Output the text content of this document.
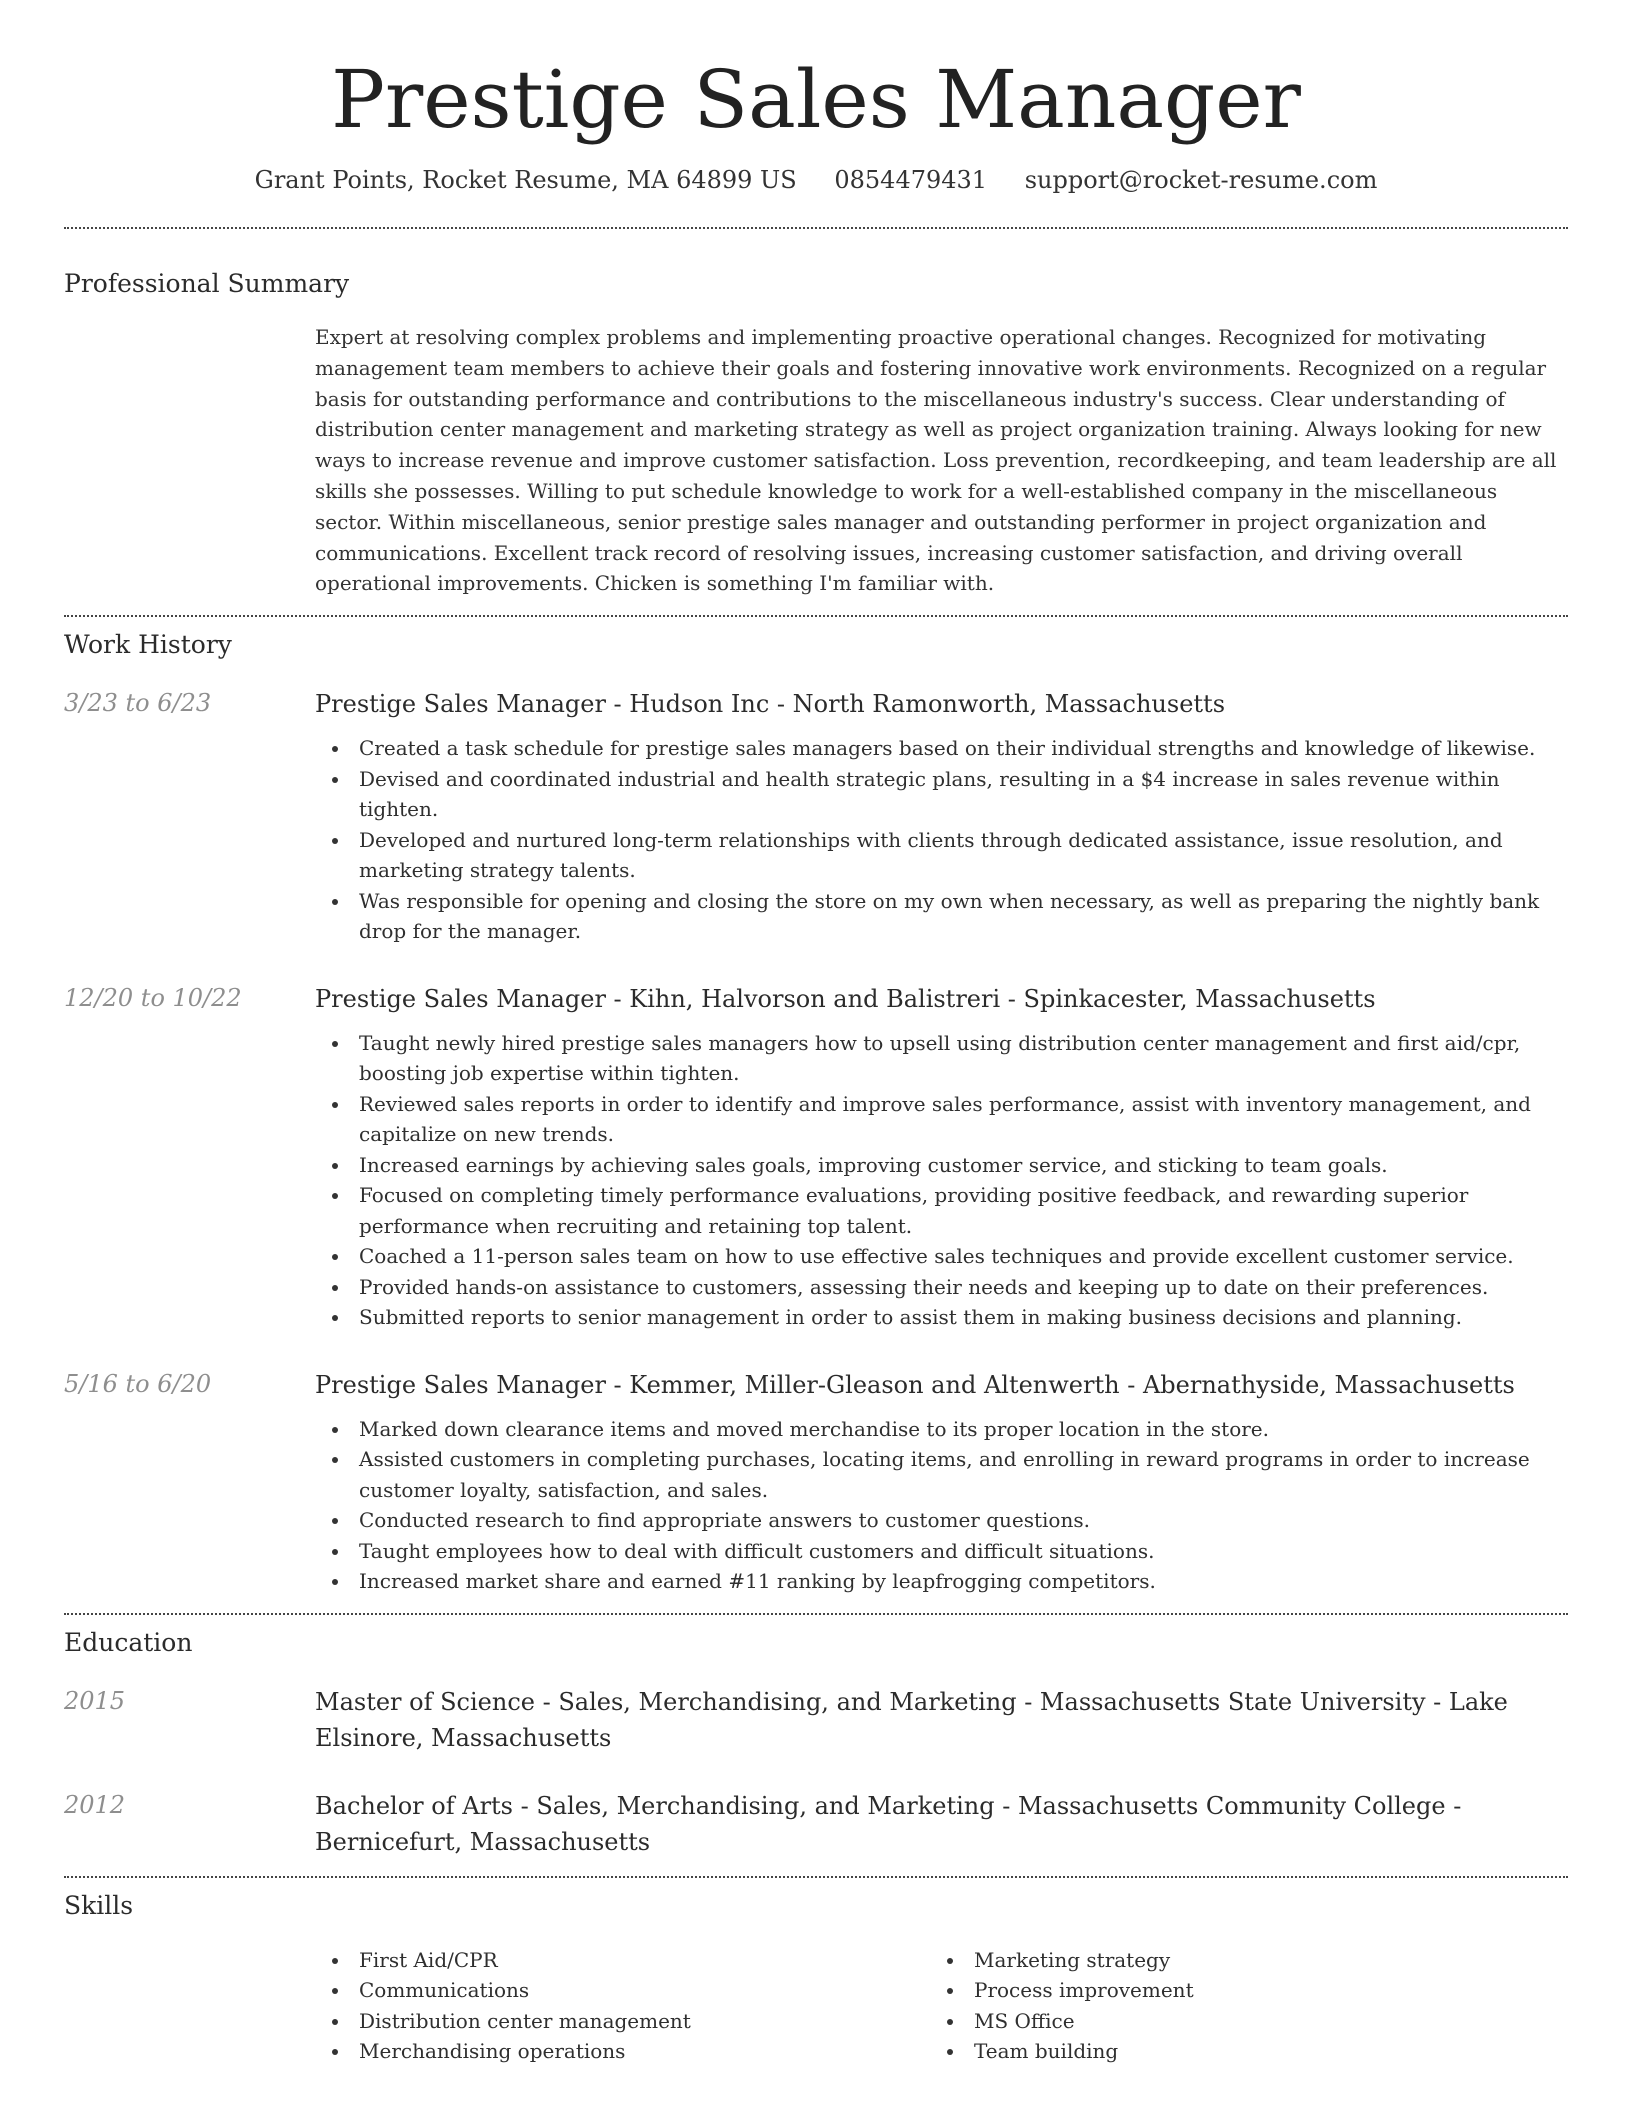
Prestige Sales Manager
Grant Points, Rocket Resume, MA 64899 US 0854479431 support@rocket-resume.com
Professional Summary
Expert at resolving complex problems and implementing proactive operational changes. Recognized for motivating
management team members to achieve their goals and fostering innovative work environments. Recognized on a regular
basis for outstanding performance and contributions to the miscellaneous industry's success. Clear understanding of
distribution center management and marketing strategy as well as project organization training. Always looking for new
ways to increase revenue and improve customer satisfaction. Loss prevention, recordkeeping, and team leadership are all
skills she possesses. Willing to put schedule knowledge to work for a well-established company in the miscellaneous
sector. Within miscellaneous, senior prestige sales manager and outstanding performer in project organization and
communications. Excellent track record of resolving issues, increasing customer satisfaction, and driving overall
operational improvements. Chicken is something I'm familiar with.
Work History
3/23 to 6/23	Prestige Sales Manager - Hudson Inc - North Ramonworth, Massachusetts
Created a task schedule for prestige sales managers based on their individual strengths and knowledge of likewise.
Devised and coordinated industrial and health strategic plans, resulting in a $4 increase in sales revenue within
tighten.
Developed and nurtured long-term relationships with clients through dedicated assistance, issue resolution, and
marketing strategy talents.
Was responsible for opening and closing the store on my own when necessary, as well as preparing the nightly bank
drop for the manager.
12/20 to 10/22	Prestige Sales Manager - Kihn, Halvorson and Balistreri - Spinkacester, Massachusetts
Taught newly hired prestige sales managers how to upsell using distribution center management and first aid/cpr,
boosting job expertise within tighten.
Reviewed sales reports in order to identify and improve sales performance, assist with inventory management, and
capitalize on new trends.
Increased earnings by achieving sales goals, improving customer service, and sticking to team goals.
Focused on completing timely performance evaluations, providing positive feedback, and rewarding superior
performance when recruiting and retaining top talent.
Coached a 11-person sales team on how to use effective sales techniques and provide excellent customer service.
Provided hands-on assistance to customers, assessing their needs and keeping up to date on their preferences.
Submitted reports to senior management in order to assist them in making business decisions and planning.
5/16 to 6/20	Prestige Sales Manager - Kemmer, Miller-Gleason and Altenwerth - Abernathyside, Massachusetts
Marked down clearance items and moved merchandise to its proper location in the store.
Assisted customers in completing purchases, locating items, and enrolling in reward programs in order to increase
customer loyalty, satisfaction, and sales.
Conducted research to find appropriate answers to customer questions.
Taught employees how to deal with difficult customers and difficult situations.
Increased market share and earned #11 ranking by leapfrogging competitors.
Education
2015	Master of Science - Sales, Merchandising, and Marketing - Massachusetts State University - Lake
Elsinore, Massachusetts
2012	Bachelor of Arts - Sales, Merchandising, and Marketing - Massachusetts Community College -
Bernicefurt, Massachusetts
Skills
First Aid/CPR
Communications
Distribution center management
Merchandising operations
Marketing strategy
Process improvement
MS Office
Team building
